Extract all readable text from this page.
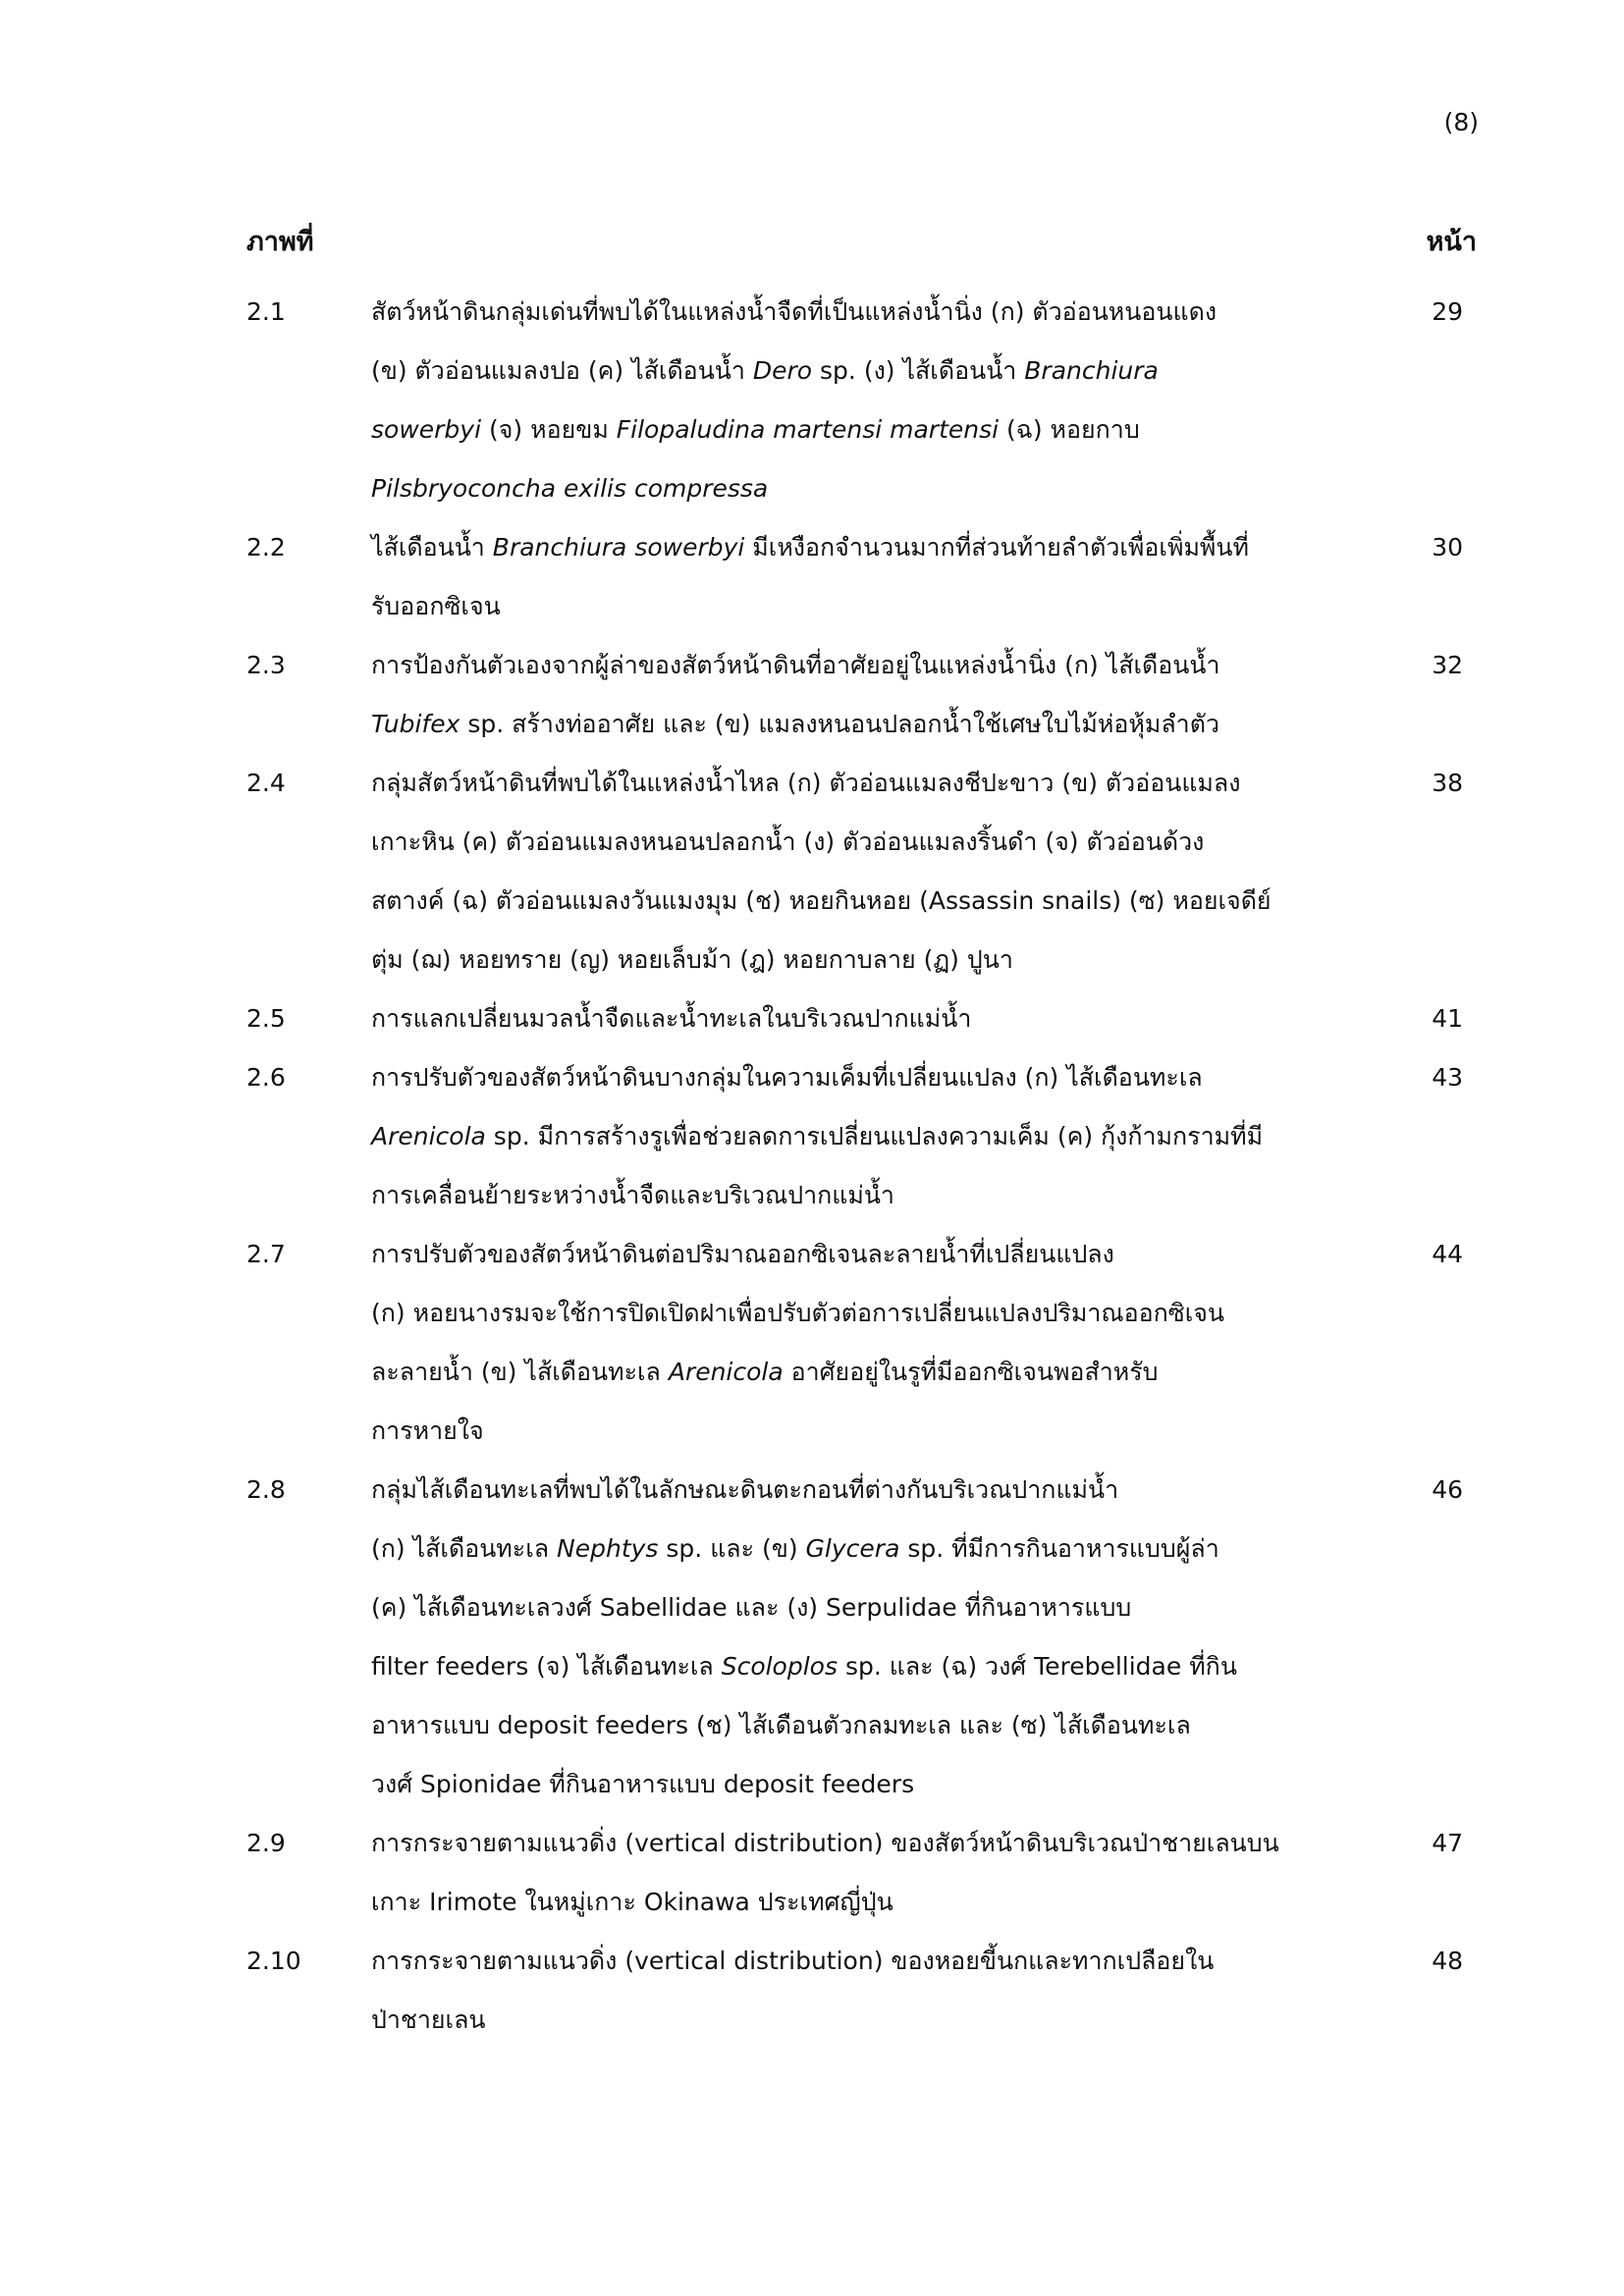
(8)
ภาพที่	หน้า
2.1	สัตว์หน้าดินกลุ่มเด่นที่พบได้ในแหล่งน้ำจืดที่เป็นแหล่งน้ำนิ่ง (ก) ตัวอ่อนหนอนแดง
(ข) ตัวอ่อนแมลงปอ (ค) ไส้เดือนน้ำ Dero sp. (ง) ไส้เดือนน้ำ Branchiura
sowerbyi (จ) หอยขม Filopaludina martensi martensi (ฉ) หอยกาบ
Pilsbryoconcha exilis compressa
29
2.2	ไส้เดือนน้ำ Branchiura sowerbyi มีเหงือกจำนวนมากที่ส่วนท้ายลำตัวเพื่อเพิ่มพื้นที่
รับออกซิเจน
30
2.3	การป้องกันตัวเองจากผู้ล่าของสัตว์หน้าดินที่อาศัยอยู่ในแหล่งน้ำนิ่ง (ก) ไส้เดือนน้ำ
Tubifex sp. สร้างท่ออาศัย และ (ข) แมลงหนอนปลอกน้ำใช้เศษใบไม้ห่อหุ้มลำตัว
32
2.4	กลุ่มสัตว์หน้าดินที่พบได้ในแหล่งน้ำไหล (ก) ตัวอ่อนแมลงชีปะขาว (ข) ตัวอ่อนแมลง
เกาะหิน (ค) ตัวอ่อนแมลงหนอนปลอกน้ำ (ง) ตัวอ่อนแมลงริ้นดำ (จ) ตัวอ่อนด้วง
สตางค์ (ฉ) ตัวอ่อนแมลงวันแมงมุม (ช) หอยกินหอย (Assassin snails) (ซ) หอยเจดีย์
ตุ่ม (ฌ) หอยทราย (ญ) หอยเล็บม้า (ฎ) หอยกาบลาย (ฏ) ปูนา
38
2.5	การแลกเปลี่ยนมวลน้ำจืดและน้ำทะเลในบริเวณปากแม่น้ำ	41
2.6	การปรับตัวของสัตว์หน้าดินบางกลุ่มในความเค็มที่เปลี่ยนแปลง (ก) ไส้เดือนทะเล
Arenicola sp. มีการสร้างรูเพื่อช่วยลดการเปลี่ยนแปลงความเค็ม (ค) กุ้งก้ามกรามที่มี
การเคลื่อนย้ายระหว่างน้ำจืดและบริเวณปากแม่น้ำ
43
2.7	การปรับตัวของสัตว์หน้าดินต่อปริมาณออกซิเจนละลายน้ำที่เปลี่ยนแปลง
(ก) หอยนางรมจะใช้การปิดเปิดฝาเพื่อปรับตัวต่อการเปลี่ยนแปลงปริมาณออกซิเจน
ละลายน้ำ (ข) ไส้เดือนทะเล Arenicola อาศัยอยู่ในรูที่มีออกซิเจนพอสำหรับ
การหายใจ
44
2.8	กลุ่มไส้เดือนทะเลที่พบได้ในลักษณะดินตะกอนที่ต่างกันบริเวณปากแม่น้ำ
(ก) ไส้เดือนทะเล Nephtys sp. และ (ข) Glycera sp. ที่มีการกินอาหารแบบผู้ล่า
(ค) ไส้เดือนทะเลวงศ์ Sabellidae และ (ง) Serpulidae ที่กินอาหารแบบ
filter feeders (จ) ไส้เดือนทะเล Scoloplos sp. และ (ฉ) วงศ์ Terebellidae ที่กิน
อาหารแบบ deposit feeders (ช) ไส้เดือนตัวกลมทะเล และ (ซ) ไส้เดือนทะเล
วงศ์ Spionidae ที่กินอาหารแบบ deposit feeders
46
2.9	การกระจายตามแนวดิ่ง (vertical distribution) ของสัตว์หน้าดินบริเวณป่าชายเลนบน
เกาะ Irimote ในหมู่เกาะ Okinawa ประเทศญี่ปุ่น
47
2.10	การกระจายตามแนวดิ่ง (vertical distribution) ของหอยขี้นกและทากเปลือยใน
ป่าชายเลน
48
